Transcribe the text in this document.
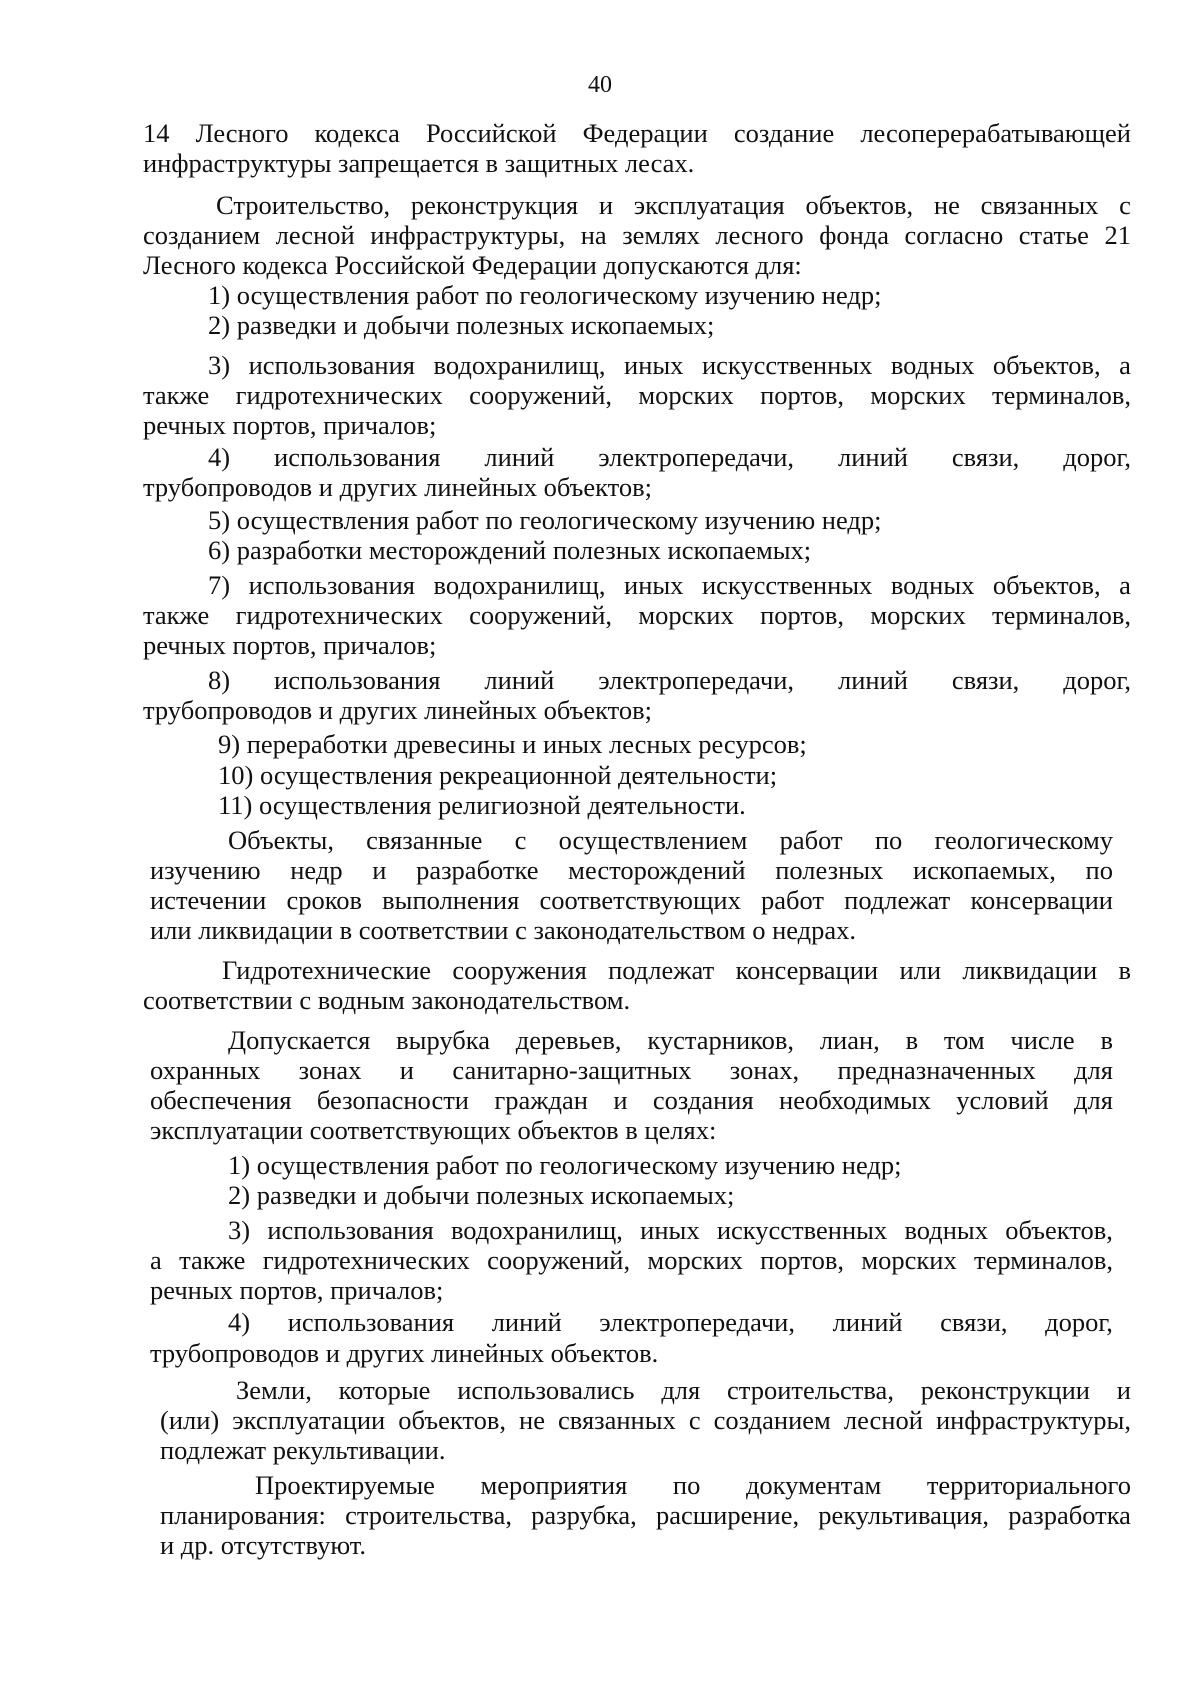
40
14 Лесного кодекса Российской Федерации создание лесоперерабатывающей
инфраструктуры запрещается в защитных лесах.
Строительство, реконструкция и эксплуатация объектов, не связанных с
созданием лесной инфраструктуры, на землях лесного фонда согласно статье 21
Лесного кодекса Российской Федерации допускаются для:
1) осуществления работ по геологическому изучению недр;
2) разведки и добычи полезных ископаемых;
3) использования водохранилищ, иных искусственных водных объектов, а
также гидротехнических сооружений, морских портов, морских терминалов,
речных портов, причалов;
4) использования линий электропередачи, линий связи, дорог,
трубопроводов и других линейных объектов;
5) осуществления работ по геологическому изучению недр;
6) разработки месторождений полезных ископаемых;
7) использования водохранилищ, иных искусственных водных объектов, а
также гидротехнических сооружений, морских портов, морских терминалов,
речных портов, причалов;
8) использования линий электропередачи, линий связи, дорог,
трубопроводов и других линейных объектов;
9) переработки древесины и иных лесных ресурсов;
10) осуществления рекреационной деятельности;
11) осуществления религиозной деятельности.
Объекты, связанные с осуществлением работ по геологическому
изучению недр и разработке месторождений полезных ископаемых, по
истечении сроков выполнения соответствующих работ подлежат консервации
или ликвидации в соответствии с законодательством о недрах.
Гидротехнические сооружения подлежат консервации или ликвидации в
соответствии с водным законодательством.
Допускается вырубка деревьев, кустарников, лиан, в том числе в
охранных зонах и санитарно-защитных зонах, предназначенных для
обеспечения безопасности граждан и создания необходимых условий для
эксплуатации соответствующих объектов в целях:
1) осуществления работ по геологическому изучению недр;
2) разведки и добычи полезных ископаемых;
3) использования водохранилищ, иных искусственных водных объектов,
а также гидротехнических сооружений, морских портов, морских терминалов,
речных портов, причалов;
4) использования линий электропередачи, линий связи, дорог,
трубопроводов и других линейных объектов.
Земли, которые использовались для строительства, реконструкции и
(или) эксплуатации объектов, не связанных с созданием лесной инфраструктуры,
подлежат рекультивации.
Проектируемые мероприятия по документам территориального
планирования: строительства, разрубка, расширение, рекультивация, разработка
и др. отсутствуют.
